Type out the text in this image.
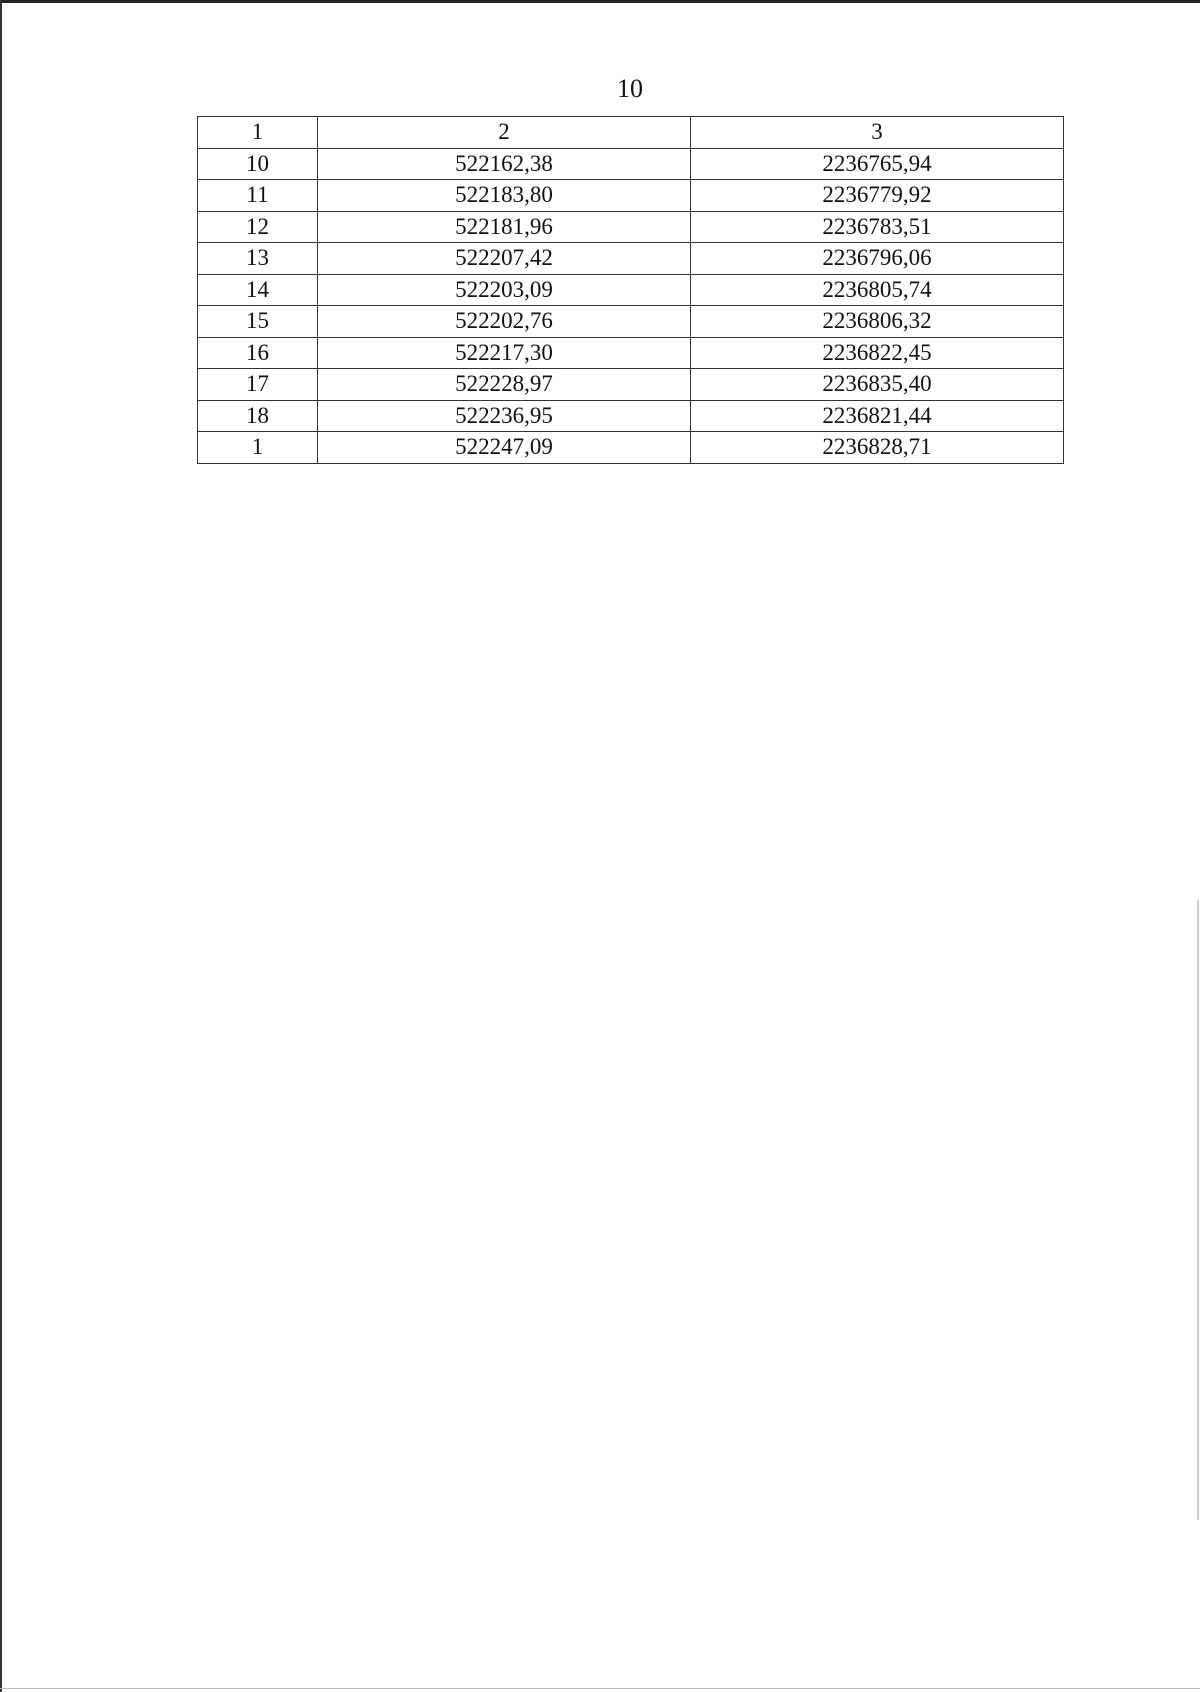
10
1	2	3
10	522162,38	2236765,94
11	522183,80	2236779,92
12	522181,96	2236783,51
13	522207,42	2236796,06
14	522203,09	2236805,74
15	522202,76	2236806,32
16	522217,30	2236822,45
17	522228,97	2236835,40
18	522236,95	2236821,44
1	522247,09	2236828,71
